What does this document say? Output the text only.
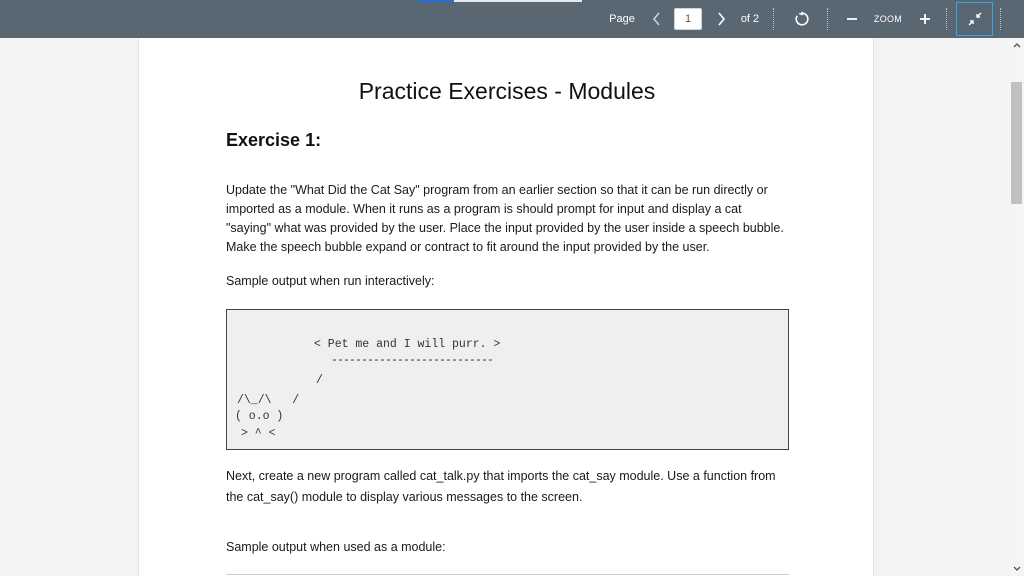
Page
1	of 2	ZOOM
Practice Exercises - Modules
Exercise 1:
Update the "What Did the Cat Say" program from an earlier section so that it can be run directly or imported as a module. When it runs as a program is should prompt for input and display a cat "saying" what was provided by the user. Place the input provided by the user inside a speech bubble. Make the speech bubble expand or contract to fit around the input provided by the user.
Sample output when run interactively:
< Pet me and I will purr. >
---------------------------
/
/\_/\   /
( o.o )
> ^ <
Next, create a new program called cat_talk.py that imports the cat_say module. Use a function from the cat_say() module to display various messages to the screen.
Sample output when used as a module:
